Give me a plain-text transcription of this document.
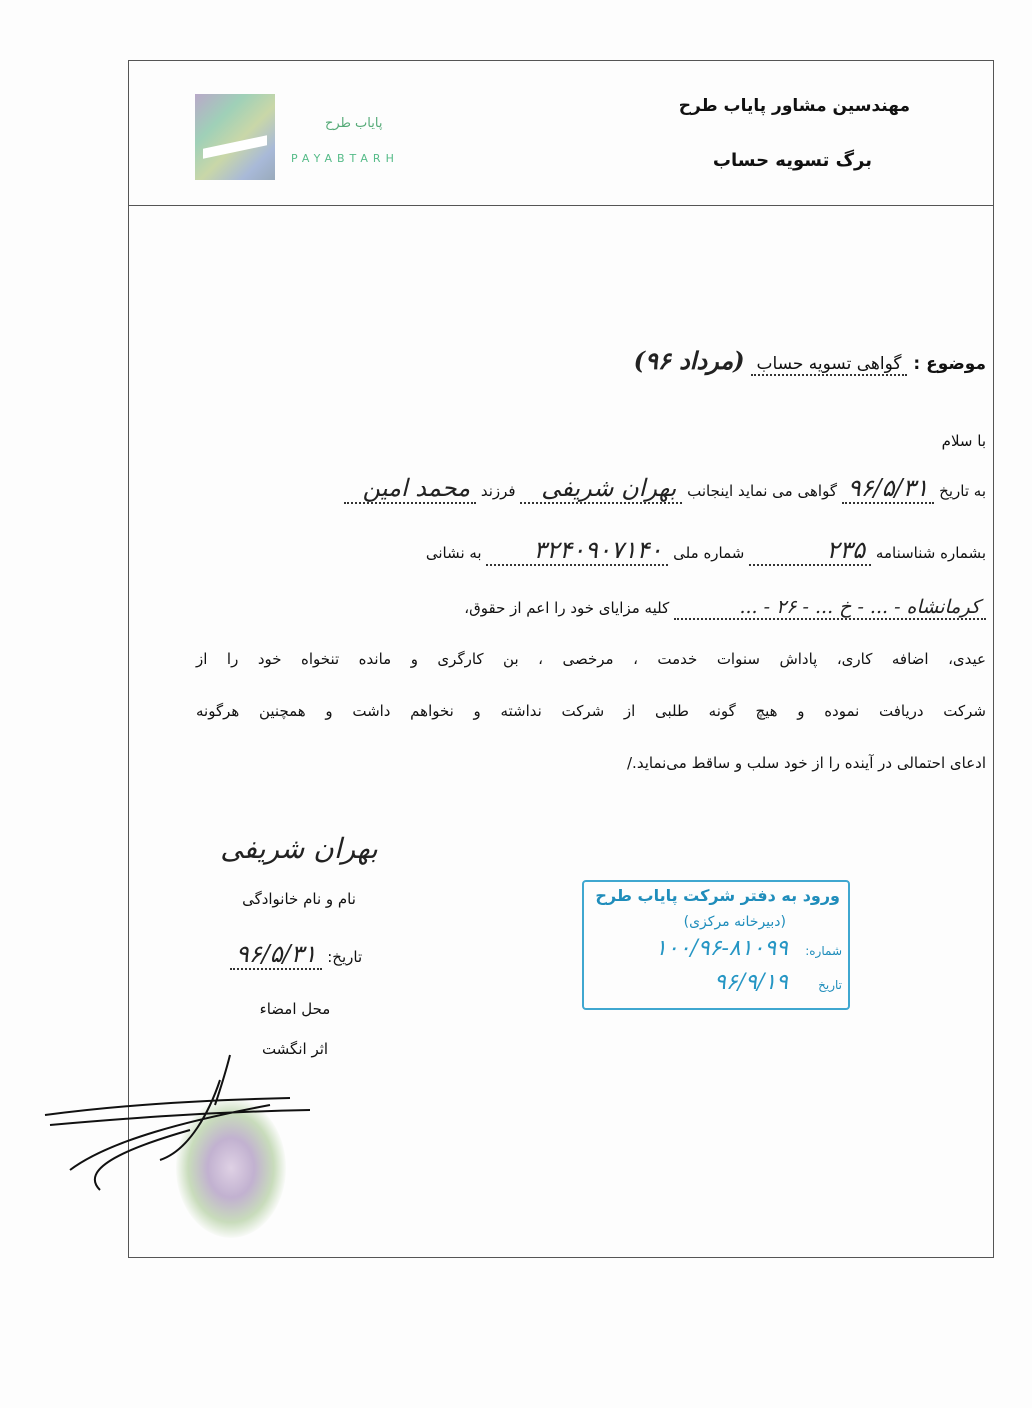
پایاب طرح
PAYABTARH
مهندسین مشاور پایاب طرح
برگ تسویه حساب
موضوع : گواهی تسویه حساب (مرداد ۹۶)
با سلام
به تاریخ ۹۶/۵/۳۱ گواهی می نماید اینجانب بهران شریفی فرزند محمد امین
بشماره شناسنامه ۲۳۵ شماره ملی ۳۲۴۰۹۰۷۱۴۰ به نشانی
کرمانشاه - ... - خ ... - ۲۶ - ... کلیه مزایای خود را اعم از حقوق،
عیدی، اضافه کاری، پاداش سنوات خدمت ، مرخصی ، بن کارگری و مانده تنخواه خود را از
شرکت دریافت نموده و هیچ گونه طلبی از شرکت نداشته و نخواهم داشت و همچنین هرگونه
ادعای احتمالی در آینده را از خود سلب و ساقط می‌نماید./
بهران شریفی
نام و نام خانوادگی
تاریخ: ۹۶/۵/۳۱
محل امضاء
اثر انگشت
ورود به دفتر شرکت پایاب طرح
(دبیرخانه مرکزی)
شماره:
۱۰۰/۹۶-۸۱۰۹۹
تاریخ
۹۶/۹/۱۹
